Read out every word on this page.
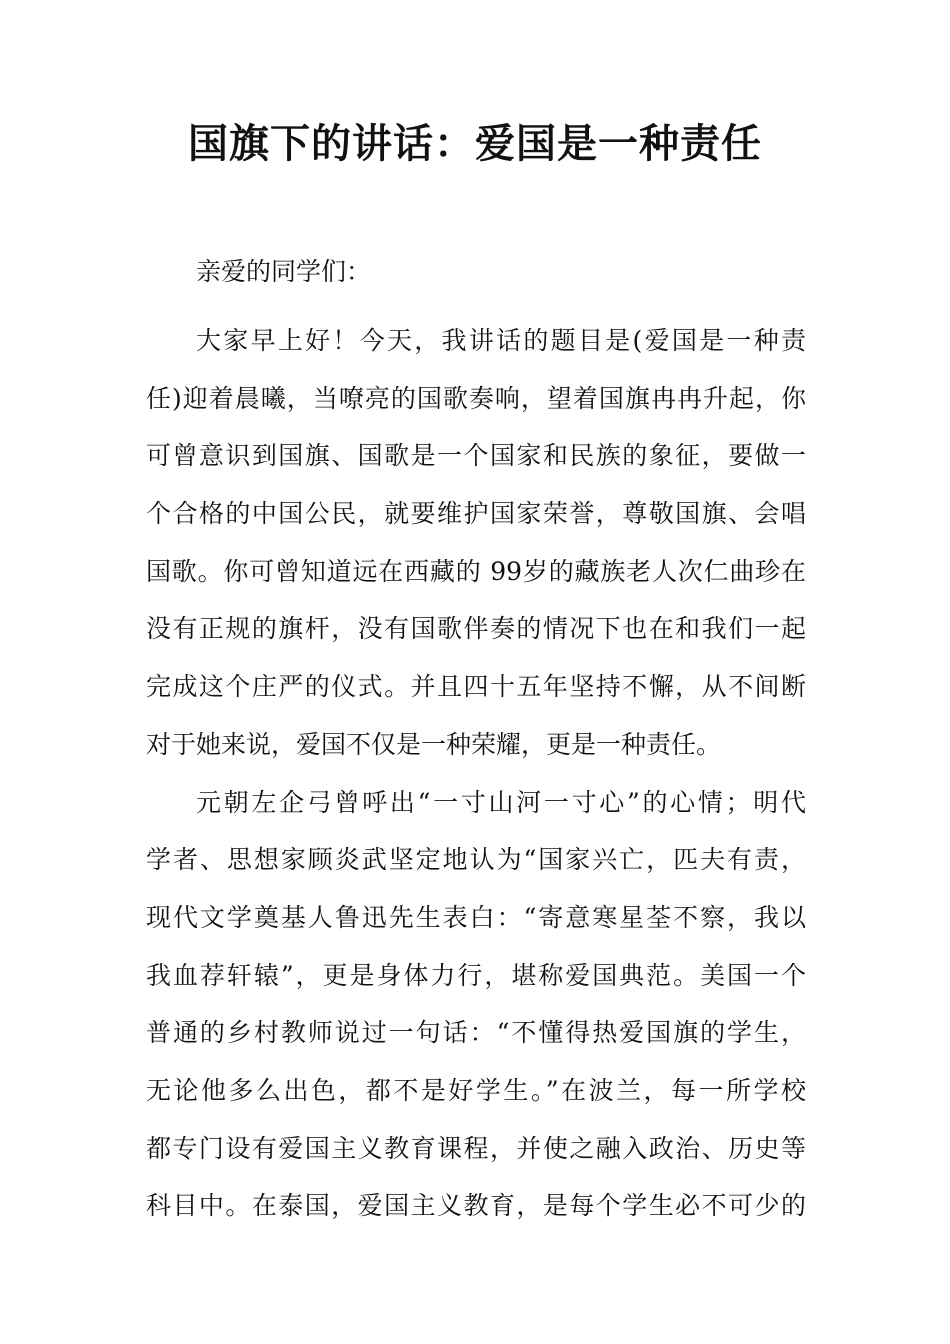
国旗下的讲话：爱国是一种责任
亲爱的同学们：
大家早上好！今天，我讲话的题目是(爱国是一种责
任)迎着晨曦，当嘹亮的国歌奏响，望着国旗冉冉升起，你
可曾意识到国旗、国歌是一个国家和民族的象征，要做一
个合格的中国公民，就要维护国家荣誉，尊敬国旗、会唱
国歌。你可曾知道远在西藏的 99岁的藏族老人次仁曲珍在
没有正规的旗杆，没有国歌伴奏的情况下也在和我们一起
完成这个庄严的仪式。并且四十五年坚持不懈，从不间断
对于她来说，爱国不仅是一种荣耀，更是一种责任。
元朝左企弓曾呼出“一寸山河一寸心”的心情；明代
学者、思想家顾炎武坚定地认为“国家兴亡，匹夫有责，
现代文学奠基人鲁迅先生表白：“寄意寒星荃不察，我以
我血荐轩辕”，更是身体力行，堪称爱国典范。美国一个
普通的乡村教师说过一句话：“不懂得热爱国旗的学生，
无论他多么出色，都不是好学生。”在波兰，每一所学校
都专门设有爱国主义教育课程，并使之融入政治、历史等
科目中。在泰国，爱国主义教育，是每个学生必不可少的
